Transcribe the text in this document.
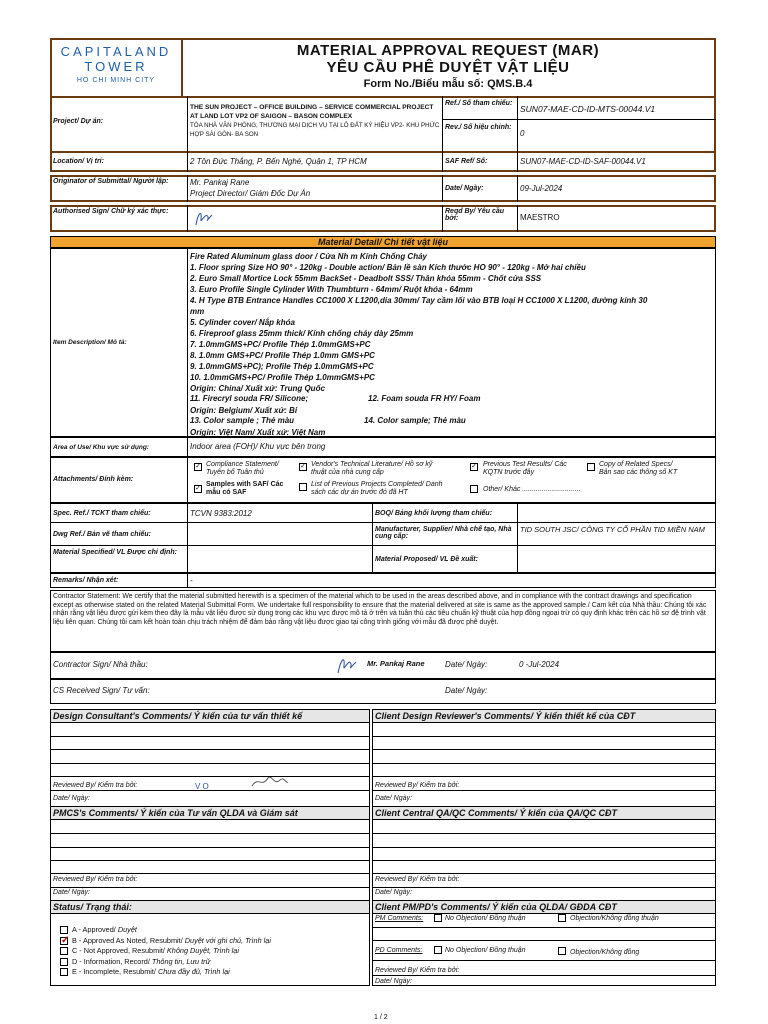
CAPITALAND
TOWER
HO CHI MINH CITY
MATERIAL APPROVAL REQUEST (MAR)
YÊU CẦU PHÊ DUYỆT VẬT LIỆU
Form No./Biểu mẫu số: QMS.B.4
Project/ Dự án:
THE SUN PROJECT – OFFICE BUILDING – SERVICE COMMERCIAL PROJECT AT LAND LOT VP2 OF SAIGON – BASON COMPLEX
TÒA NHÀ VĂN PHÒNG, THƯƠNG MẠI DỊCH VỤ TẠI LÔ ĐẤT KÝ HIỆU VP2- KHU PHỨC HỢP SÀI GÒN- BA SON
Ref./ Số tham chiếu:
SUN07-MAE-CD-ID-MTS-00044.V1
Rev./ Số hiệu chỉnh:
0
Location/ Vị trí:	2 Tôn Đức Thắng, P. Bến Nghé, Quận 1, TP HCM	SAF Ref/ Số:	SUN07-MAE-CD-ID-SAF-00044.V1
Originator of Submittal/ Người lập:	Mr. Pankaj Rane
Project Director/ Giám Đốc Dự Án
Date/ Ngày:	09-Jul-2024
Authorised Sign/ Chữ ký xác thực:	Reqd By/ Yêu cầu bởi:	MAESTRO
Material Detail/ Chi tiết vật liệu
Item Description/ Mô tả:
Fire Rated Aluminum glass door / Cửa Nh m Kính Chống Cháy
1. Floor spring Size HO 90° - 120kg - Double action/ Bản lề sàn Kích thước HO 90° - 120kg - Mở hai chiều
2. Euro Small Mortice Lock 55mm BackSet - Deadbolt SSS/ Thân khóa 55mm - Chốt cửa SSS
3. Euro Profile Single Cylinder With Thumbturn - 64mm/ Ruột khóa - 64mm
4. H Type BTB Entrance Handles CC1000 X L1200,dia 30mm/ Tay cầm lối vào BTB loại H CC1000 X L1200, đường kính 30
mm
5. Cylinder cover/ Nắp khóa
6. Fireproof glass 25mm thick/ Kính chống cháy dày 25mm
7. 1.0mmGMS+PC/ Profile Thép 1.0mmGMS+PC
8. 1.0mm GMS+PC/ Profile Thép 1.0mm GMS+PC
9. 1.0mmGMS+PC); Profile Thép 1.0mmGMS+PC
10. 1.0mmGMS+PC/ Profile Thép 1.0mmGMS+PC
Origin: China/ Xuất xứ: Trung Quốc
11. Firecryl souda FR/ Silicone;	12. Foam souda FR HY/ Foam
Origin: Belgium/ Xuất xứ: Bỉ
13. Color sample ; Thẻ màu	14. Color sample; Thẻ màu
Origin: Việt Nam/ Xuất xứ: Việt Nam
Area of Use/ Khu vực sử dụng:	Indoor area (FOH)/ Khu vực bên trong
Attachments/ Đính kèm:
✓ Compliance Statement/
Tuyên bố Tuân thủ
✓ Vendor's Technical Literature/ Hồ sơ kỹ
thuật của nhà cung cấp
✓ Previous Test Results/ Các
KQTN trước đây
Copy of Related Specs/
Bản sao các thông số KT
✓
Samples with SAF/ Các
mẫu có SAF
List of Previous Projects Completed/ Danh
sách các dự án trước đó đã HT	Other/ Khác ..............................
Spec. Ref./ TCKT tham chiếu:	TCVN 9383:2012	BOQ/ Bảng khối lượng tham chiếu:
Dwg Ref./ Bản vẽ tham chiếu:
Manufacturer, Supplier/ Nhà chế tạo, Nhà cung cấp:
TID SOUTH JSC/ CÔNG TY CỔ PHẦN TID MIỀN NAM
Material Specified/ VL Được chỉ định:
Material Proposed/ VL Đề xuất:
Remarks/ Nhận xét:	-
Contractor Statement: We certify that the material submitted herewith is a specimen of the material which to be used in the areas described above, and in compliance with the contract drawings and specification except as otherwise stated on the related Material Submittal Form. We undertake full responsibility to ensure that the material delivered at site is same as the approved sample./ Cam kết của Nhà thầu: Chúng tôi xác nhận rằng vật liệu được gửi kèm theo đây là mẫu vật liệu được sử dụng trong các khu vực được mô tả ở trên và tuân thủ các tiêu chuẩn kỹ thuật của hợp đồng ngoại trừ có quy định khác trên các hồ sơ đệ trình vật liệu liên quan. Chúng tôi cam kết hoàn toàn chịu trách nhiệm để đảm bảo rằng vật liệu được giao tại công trình giống với mẫu đã được phê duyệt.
Contractor Sign/ Nhà thầu:	Mr. Pankaj Rane	Date/ Ngày:	0 -Jul-2024
CS Received Sign/ Tư vấn:	Date/ Ngày:
Design Consultant's Comments/ Ý kiến của tư vấn thiết kế	Client Design Reviewer's Comments/ Ý kiến thiết kế của CĐT
Reviewed By/ Kiểm tra bởi:	V O
Date/ Ngày:
Reviewed By/ Kiểm tra bởi:
Date/ Ngày:
PMCS's Comments/ Ý kiến của Tư vấn QLDA và Giám sát	Client Central QA/QC Comments/ Ý kiến của QA/QC CĐT
Reviewed By/ Kiểm tra bởi:
Date/ Ngày:
Reviewed By/ Kiểm tra bởi:
Date/ Ngày:
Status/ Trạng thái:	Client PM/PD's Comments/ Ý kiến của QLDA/ GĐDA CĐT
A - Approved/ Duyệt
✓ B - Approved As Noted, Resubmit/ Duyệt với ghi chú, Trình lại
C - Not Approved, Resubmit/ Không Duyệt, Trình lại
D - Information, Record/ Thông tin, Lưu trữ
E - Incomplete, Resubmit/ Chưa đầy đủ, Trình lại
PM Comments:	No Objection/ Đồng thuận	Objection/Không đồng thuận
PD Comments:	No Objection/ Đồng thuận	Objection/Không đồng
Reviewed By/ Kiểm tra bởi:
Date/ Ngày:
1 / 2
